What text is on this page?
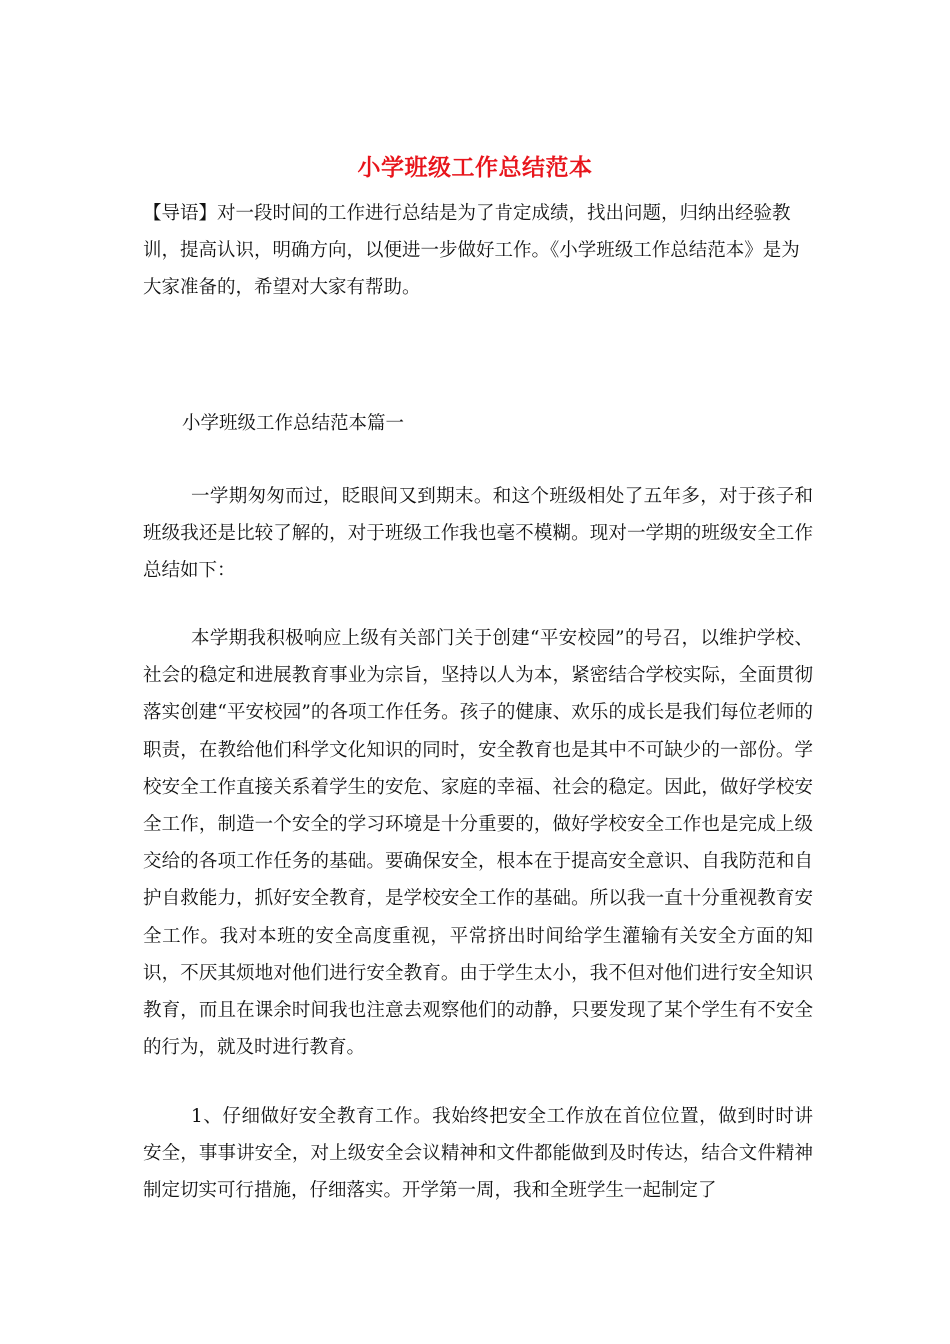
小学班级工作总结范本
【导语】对一段时间的工作进行总结是为了肯定成绩，找出问题，归纳出经验教训，提高认识，明确方向，以便进一步做好工作。《小学班级工作总结范本》是为大家准备的，希望对大家有帮助。
小学班级工作总结范本篇一
一学期匆匆而过，眨眼间又到期末。和这个班级相处了五年多，对于孩子和班级我还是比较了解的，对于班级工作我也毫不模糊。现对一学期的班级安全工作总结如下：
本学期我积极响应上级有关部门关于创建“平安校园”的号召，以维护学校、社会的稳定和进展教育事业为宗旨，坚持以人为本，紧密结合学校实际，全面贯彻落实创建“平安校园”的各项工作任务。孩子的健康、欢乐的成长是我们每位老师的职责，在教给他们科学文化知识的同时，安全教育也是其中不可缺少的一部份。学校安全工作直接关系着学生的安危、家庭的幸福、社会的稳定。因此，做好学校安全工作，制造一个安全的学习环境是十分重要的，做好学校安全工作也是完成上级交给的各项工作任务的基础。要确保安全，根本在于提高安全意识、自我防范和自护自救能力，抓好安全教育，是学校安全工作的基础。所以我一直十分重视教育安全工作。我对本班的安全高度重视，平常挤出时间给学生灌输有关安全方面的知识，不厌其烦地对他们进行安全教育。由于学生太小，我不但对他们进行安全知识教育，而且在课余时间我也注意去观察他们的动静，只要发现了某个学生有不安全的行为，就及时进行教育。
1、仔细做好安全教育工作。我始终把安全工作放在首位位置，做到时时讲安全，事事讲安全，对上级安全会议精神和文件都能做到及时传达，结合文件精神制定切实可行措施，仔细落实。开学第一周，我和全班学生一起制定了
